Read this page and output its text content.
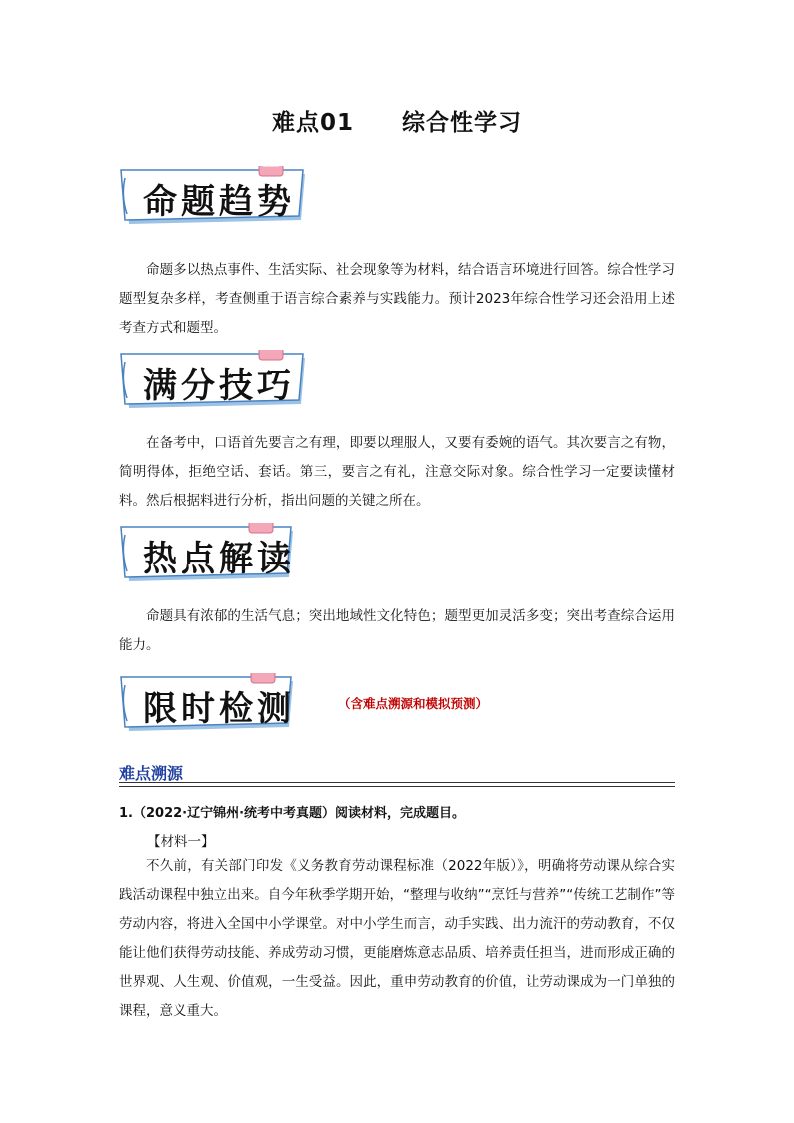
难点01 综合性学习
命题趋势
命题多以热点事件、生活实际、社会现象等为材料，结合语言环境进行回答。综合性学习题型复杂多样，考查侧重于语言综合素养与实践能力。预计2023年综合性学习还会沿用上述考查方式和题型。
满分技巧
在备考中，口语首先要言之有理，即要以理服人，又要有委婉的语气。其次要言之有物，简明得体，拒绝空话、套话。第三，要言之有礼，注意交际对象。综合性学习一定要读懂材料。然后根据料进行分析，指出问题的关键之所在。
热点解读
命题具有浓郁的生活气息；突出地域性文化特色；题型更加灵活多变；突出考查综合运用能力。
限时检测	（含难点溯源和模拟预测）
难点溯源
1.（2022·辽宁锦州·统考中考真题）阅读材料，完成题目。
【材料一】
不久前，有关部门印发《义务教育劳动课程标准（2022年版）》，明确将劳动课从综合实践活动课程中独立出来。自今年秋季学期开始，“整理与收纳”“烹饪与营养”“传统工艺制作”等劳动内容，将进入全国中小学课堂。对中小学生而言，动手实践、出力流汗的劳动教育，不仅能让他们获得劳动技能、养成劳动习惯，更能磨炼意志品质、培养责任担当，进而形成正确的世界观、人生观、价值观，一生受益。因此，重申劳动教育的价值，让劳动课成为一门单独的课程，意义重大。
